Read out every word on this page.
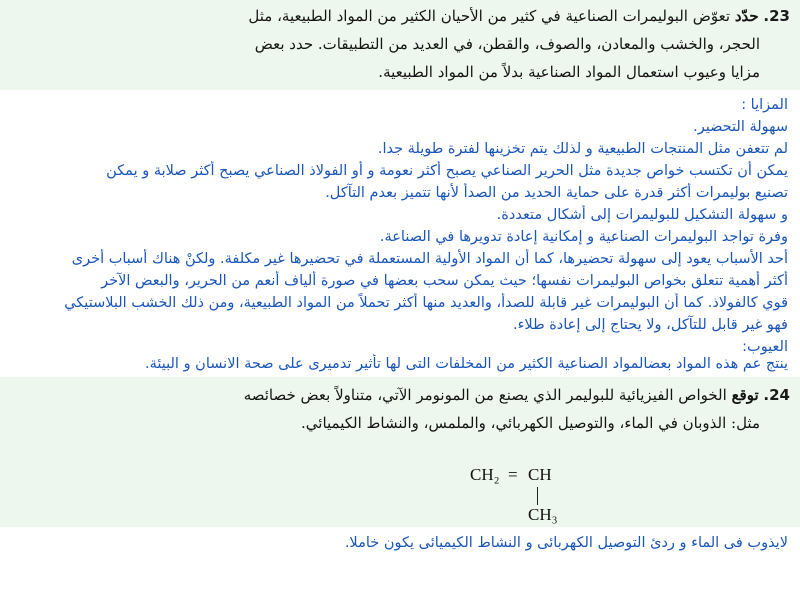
23. حدّد تعوّض البوليمرات الصناعية في كثير من الأحيان الكثير من المواد الطبيعية، مثل
الحجر، والخشب والمعادن، والصوف، والقطن، في العديد من التطبيقات. حدد بعض
مزايا وعيوب استعمال المواد الصناعية بدلاً من المواد الطبيعية.
المزايا :
سهولة التحضير.
لم تتعفن مثل المنتجات الطبيعية و لذلك يتم تخزينها لفترة طويلة جدا.
يمكن أن تكتسب خواص جديدة مثل الحرير الصناعي يصبح أكثر نعومة و أو الفولاذ الصناعي يصبح أكثر صلابة و يمكن
تصنيع بوليمرات أكثر قدرة على حماية الحديد من الصدأ لأنها تتميز بعدم التآكل.
و سهولة التشكيل للبوليمرات إلى أشكال متعددة.
وفرة تواجد البوليمرات الصناعية و إمكانية إعادة تدويرها في الصناعة.
أحد الأسباب يعود إلى سهولة تحضيرها، كما أن المواد الأولية المستعملة في تحضيرها غير مكلفة. ولكنْ هناك أسباب أخرى
أكثر أهمية تتعلق بخواص البوليمرات نفسها؛ حيث يمكن سحب بعضها في صورة ألياف أنعم من الحرير، والبعض الآخر
قوي كالفولاذ. كما أن البوليمرات غير قابلة للصدأ، والعديد منها أكثر تحملاً من المواد الطبيعية، ومن ذلك الخشب البلاستيكي
فهو غير قابل للتآكل، ولا يحتاج إلى إعادة طلاء.
العيوب:
ينتج عم هذه المواد بعضالمواد الصناعية الكثير من المخلفات التى لها تأثير تدميرى على صحة الانسان و البيئة.
24. توقع الخواص الفيزيائية للبوليمر الذي يصنع من المونومر الآتي، متناولاً بعض خصائصه
مثل: الذوبان في الماء، والتوصيل الكهربائي، والملمس، والنشاط الكيميائي.
CH₂ = CH
CH₃
لايذوب فى الماء و ردئ التوصيل الكهربائى و النشاط الكيميائى يكون خاملا.
